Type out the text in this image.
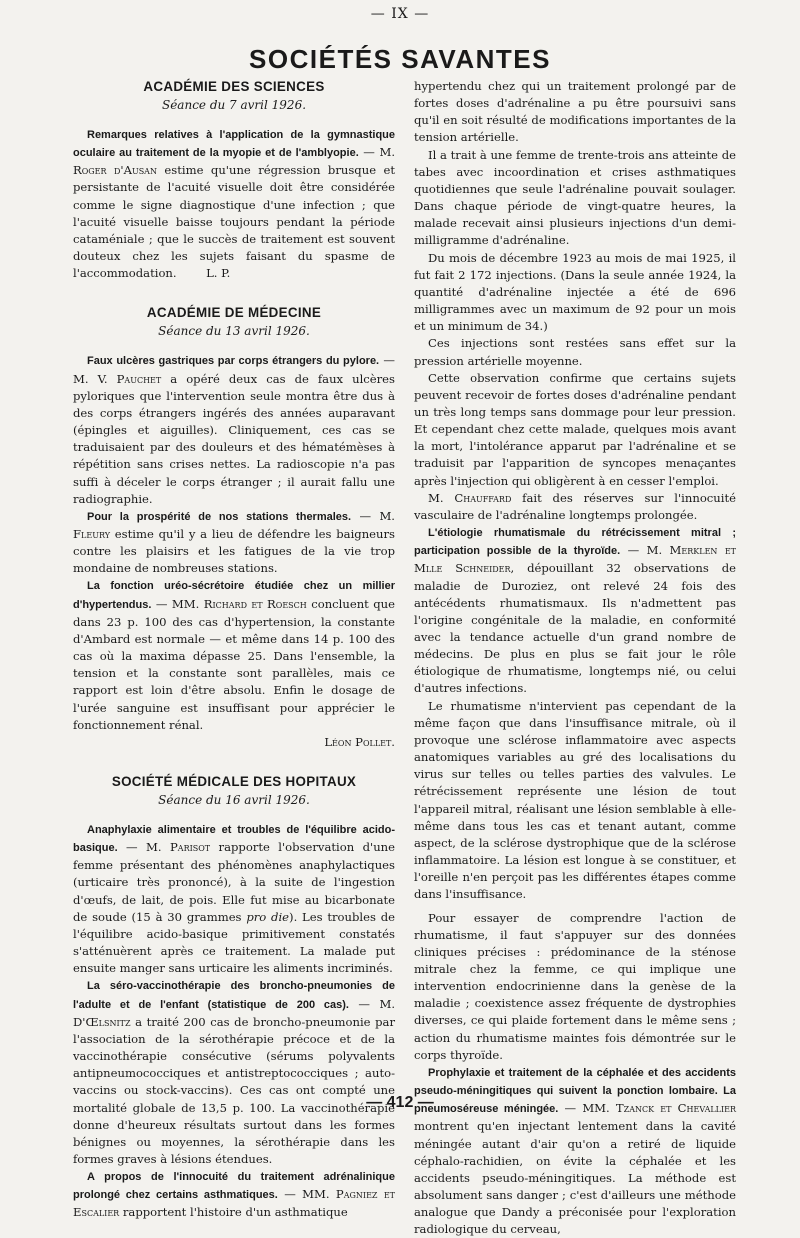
— IX —
SOCIÉTÉS SAVANTES
ACADÉMIE DES SCIENCES
Séance du 7 avril 1926.

Remarques relatives à l'application de la gymnastique oculaire au traitement de la myopie et de l'amblyopie. — M. Roger d'Ausan estime qu'une régression brusque et persistante de l'acuité visuelle doit être considérée comme le signe diagnostique d'une infection ; que l'acuité visuelle baisse toujours pendant la période cataméniale ; que le succès de traitement est souvent douteux chez les sujets faisant du spasme de l'accommodation.	L. P.

ACADÉMIE DE MÉDECINE
Séance du 13 avril 1926.

Faux ulcères gastriques par corps étrangers du pylore. — M. V. Pauchet a opéré deux cas de faux ulcères pyloriques que l'intervention seule montra être dus à des corps étrangers ingérés des années auparavant (épingles et aiguilles). Cliniquement, ces cas se traduisaient par des douleurs et des hématémèses à répétition sans crises nettes. La radioscopie n'a pas suffi à déceler le corps étranger ; il aurait fallu une radiographie.

Pour la prospérité de nos stations thermales. — M. Fleury estime qu'il y a lieu de défendre les baigneurs contre les plaisirs et les fatigues de la vie trop mondaine de nombreuses stations.

La fonction uréo-sécrétoire étudiée chez un millier d'hypertendus. — MM. Richard et Roesch concluent que dans 23 p. 100 des cas d'hypertension, la constante d'Ambard est normale — et même dans 14 p. 100 des cas où la maxima dépasse 25. Dans l'ensemble, la tension et la constante sont parallèles, mais ce rapport est loin d'être absolu. Enfin le dosage de l'urée sanguine est insuffisant pour apprécier le fonctionnement rénal.

Léon Pollet.

SOCIÉTÉ MÉDICALE DES HOPITAUX
Séance du 16 avril 1926.

Anaphylaxie alimentaire et troubles de l'équilibre acido-basique. — M. Parisot rapporte l'observation d'une femme présentant des phénomènes anaphylactiques (urticaire très prononcé), à la suite de l'ingestion d'œufs, de lait, de pois. Elle fut mise au bicarbonate de soude (15 à 30 grammes pro die). Les troubles de l'équilibre acido-basique primitivement constatés s'atténuèrent après ce traitement. La malade put ensuite manger sans urticaire les aliments incriminés.

La séro-vaccinothérapie des broncho-pneumonies de l'adulte et de l'enfant (statistique de 200 cas). — M. D'Œlsnitz a traité 200 cas de broncho-pneumonie par l'association de la sérothérapie précoce et de la vaccinothérapie consécutive (sérums polyvalents antipneumococciques et antistreptococciques ; auto-vaccins ou stock-vaccins). Ces cas ont compté une mortalité globale de 13,5 p. 100. La vaccinothérapie donne d'heureux résultats surtout dans les formes bénignes ou moyennes, la sérothérapie dans les formes graves à lésions étendues.

A propos de l'innocuité du traitement adrénalinique prolongé chez certains asthmatiques. — MM. Pagniez et Escalier rapportent l'histoire d'un asthmatique

hypertendu chez qui un traitement prolongé par de fortes doses d'adrénaline a pu être poursuivi sans qu'il en soit résulté de modifications importantes de la tension artérielle.

Il a trait à une femme de trente-trois ans atteinte de tabes avec incoordination et crises asthmatiques quotidiennes que seule l'adrénaline pouvait soulager. Dans chaque période de vingt-quatre heures, la malade recevait ainsi plusieurs injections d'un demi-milligramme d'adrénaline.

Du mois de décembre 1923 au mois de mai 1925, il fut fait 2 172 injections. (Dans la seule année 1924, la quantité d'adrénaline injectée a été de 696 milligrammes avec un maximum de 92 pour un mois et un minimum de 34.)

Ces injections sont restées sans effet sur la pression artérielle moyenne.

Cette observation confirme que certains sujets peuvent recevoir de fortes doses d'adrénaline pendant un très long temps sans dommage pour leur pression. Et cependant chez cette malade, quelques mois avant la mort, l'intolérance apparut par l'adrénaline et se traduisit par l'apparition de syncopes menaçantes après l'injection qui obligèrent à en cesser l'emploi.

M. Chauffard fait des réserves sur l'innocuité vasculaire de l'adrénaline longtemps prolongée.

L'étiologie rhumatismale du rétrécissement mitral ; participation possible de la thyroïde. — M. Merklen et Mlle Schneider, dépouillant 32 observations de maladie de Duroziez, ont relevé 24 fois des antécédents rhumatismaux. Ils n'admettent pas l'origine congénitale de la maladie, en conformité avec la tendance actuelle d'un grand nombre de médecins. De plus en plus se fait jour le rôle étiologique de rhumatisme, longtemps nié, ou celui d'autres infections.

Le rhumatisme n'intervient pas cependant de la même façon que dans l'insuffisance mitrale, où il provoque une sclérose inflammatoire avec aspects anatomiques variables au gré des localisations du virus sur telles ou telles parties des valvules. Le rétrécissement représente une lésion de tout l'appareil mitral, réalisant une lésion semblable à elle-même dans tous les cas et tenant autant, comme aspect, de la sclérose dystrophique que de la sclérose inflammatoire. La lésion est longue à se constituer, et l'oreille n'en perçoit pas les différentes étapes comme dans l'insuffisance.

Pour essayer de comprendre l'action de rhumatisme, il faut s'appuyer sur des données cliniques précises : prédominance de la sténose mitrale chez la femme, ce qui implique une intervention endocrinienne dans la genèse de la maladie ; coexistence assez fréquente de dystrophies diverses, ce qui plaide fortement dans le même sens ; action du rhumatisme maintes fois démontrée sur le corps thyroïde.

Prophylaxie et traitement de la céphalée et des accidents pseudo-méningitiques qui suivent la ponction lombaire. La pneumoséreuse méningée. — MM. Tzanck et Chevallier montrent qu'en injectant lentement dans la cavité méningée autant d'air qu'on a retiré de liquide céphalo-rachidien, on évite la céphalée et les accidents pseudo-méningitiques. La méthode est absolument sans danger ; c'est d'ailleurs une méthode analogue que Dandy a préconisée pour l'exploration radiologique du cerveau,

— 412 —
